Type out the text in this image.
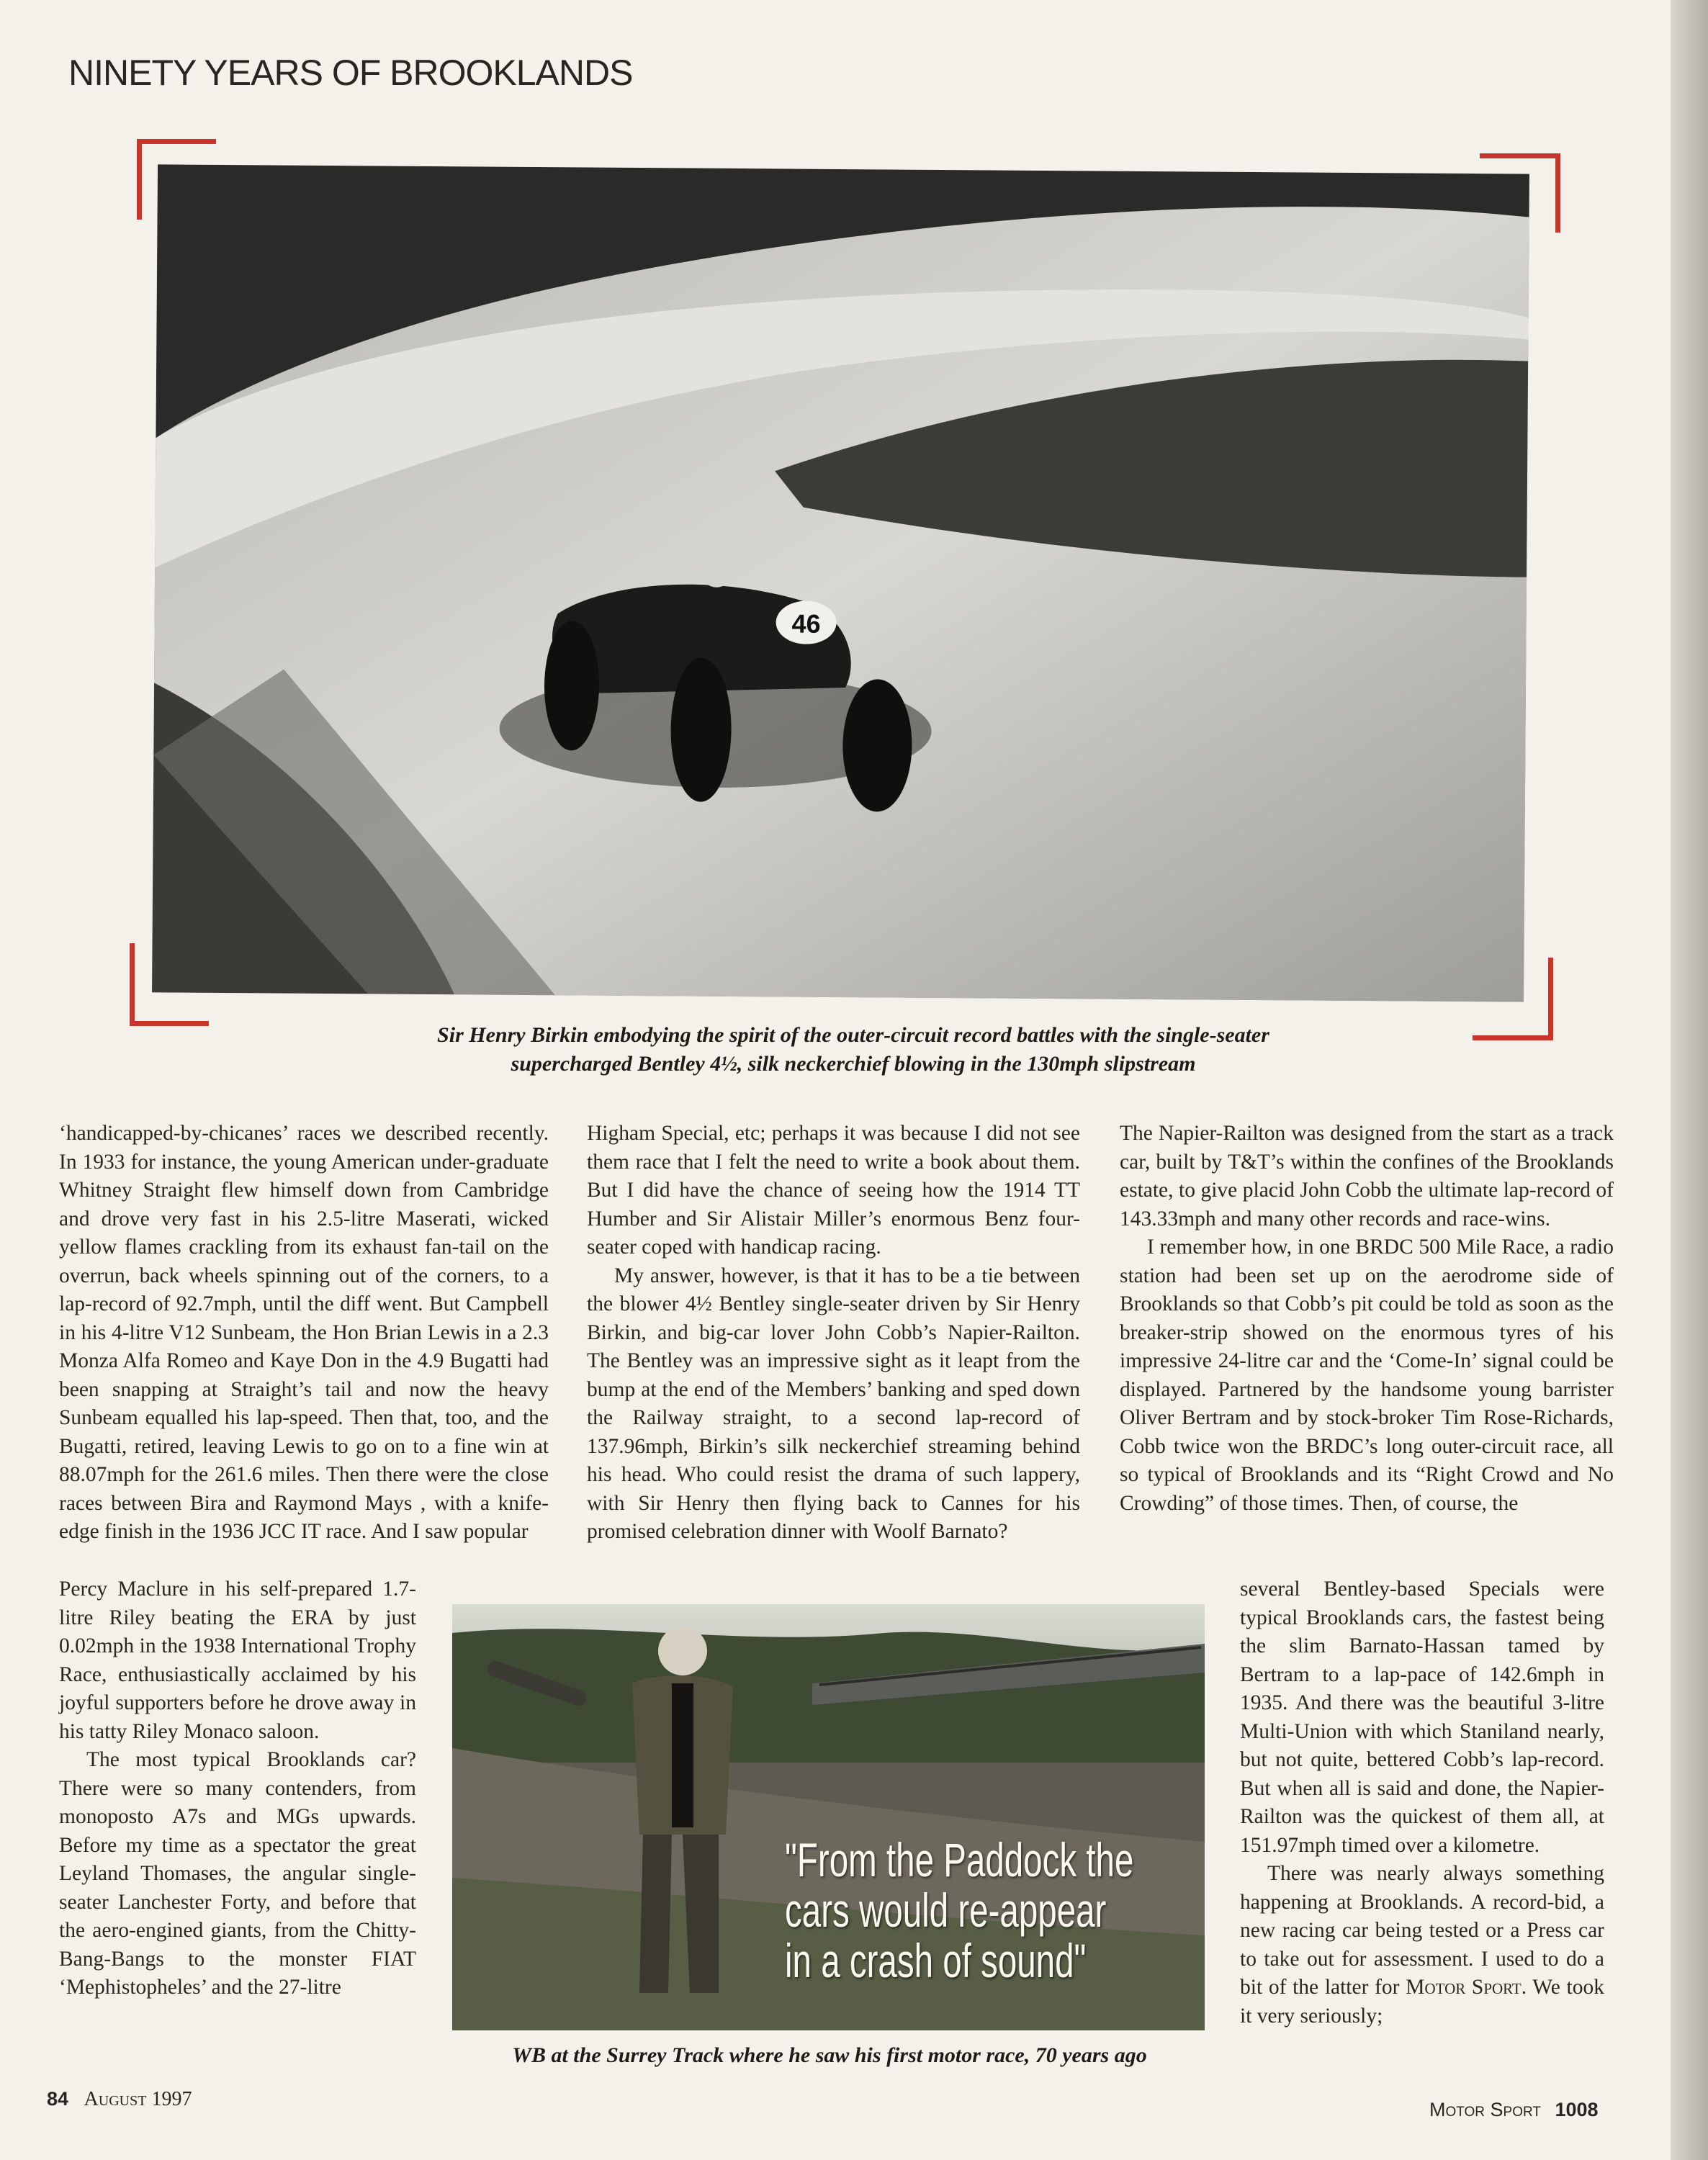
NINETY YEARS OF BROOKLANDS
46
Sir Henry Birkin embodying the spirit of the outer-circuit record battles with the single-seater
supercharged Bentley 4½, silk neckerchief blowing in the 130mph slipstream

‘handicapped-by-chicanes’ races we described recently. In 1933 for instance, the young American under-graduate Whitney Straight flew himself down from Cambridge and drove very fast in his 2.5-litre Maserati, wicked yellow flames crackling from its exhaust fan-tail on the overrun, back wheels spinning out of the corners, to a lap-record of 92.7mph, until the diff went. But Campbell in his 4-litre V12 Sunbeam, the Hon Brian Lewis in a 2.3 Monza Alfa Romeo and Kaye Don in the 4.9 Bugatti had been snapping at Straight’s tail and now the heavy Sunbeam equalled his lap-speed. Then that, too, and the Bugatti, retired, leaving Lewis to go on to a fine win at 88.07mph for the 261.6 miles. Then there were the close races between Bira and Raymond Mays , with a knife-edge finish in the 1936 JCC IT race. And I saw popular

Percy Maclure in his self-prepared 1.7-litre Riley beating the ERA by just 0.02mph in the 1938 International Trophy Race, enthusiastically acclaimed by his joyful supporters before he drove away in his tatty Riley Monaco saloon.

The most typical Brooklands car? There were so many contenders, from monoposto A7s and MGs upwards. Before my time as a spectator the great Leyland Thomases, the angular single-seater Lanchester Forty, and before that the aero-engined giants, from the Chitty-Bang-Bangs to the monster FIAT ‘Mephistopheles’ and the 27-litre

Higham Special, etc; perhaps it was because I did not see them race that I felt the need to write a book about them. But I did have the chance of seeing how the 1914 TT Humber and Sir Alistair Miller’s enormous Benz four-seater coped with handicap racing.

My answer, however, is that it has to be a tie between the blower 4½ Bentley single-seater driven by Sir Henry Birkin, and big-car lover John Cobb’s Napier-Railton. The Bentley was an impressive sight as it leapt from the bump at the end of the Members’ banking and sped down the Railway straight, to a second lap-record of 137.96mph, Birkin’s silk neckerchief streaming behind his head. Who could resist the drama of such lappery, with Sir Henry then flying back to Cannes for his promised celebration dinner with Woolf Barnato?

The Napier-Railton was designed from the start as a track car, built by T&T’s within the confines of the Brooklands estate, to give placid John Cobb the ultimate lap-record of 143.33mph and many other records and race-wins.

I remember how, in one BRDC 500 Mile Race, a radio station had been set up on the aerodrome side of Brooklands so that Cobb’s pit could be told as soon as the breaker-strip showed on the enormous tyres of his impressive 24-litre car and the ‘Come-In’ signal could be displayed. Partnered by the handsome young barrister Oliver Bertram and by stock-broker Tim Rose-Richards, Cobb twice won the BRDC’s long outer-circuit race, all so typical of Brooklands and its “Right Crowd and No Crowding” of those times. Then, of course, the

several Bentley-based Specials were typical Brooklands cars, the fastest being the slim Barnato-Hassan tamed by Bertram to a lap-pace of 142.6mph in 1935. And there was the beautiful 3-litre Multi-Union with which Staniland nearly, but not quite, bettered Cobb’s lap-record. But when all is said and done, the Napier-Railton was the quickest of them all, at 151.97mph timed over a kilometre.

There was nearly always something happening at Brooklands. A record-bid, a new racing car being tested or a Press car to take out for assessment. I used to do a bit of the latter for Motor Sport. We took it very seriously;

"From the Paddock the
cars would re-appear
in a crash of sound"
WB at the Surrey Track where he saw his first motor race, 70 years ago
84 August 1997	Motor Sport 1008
